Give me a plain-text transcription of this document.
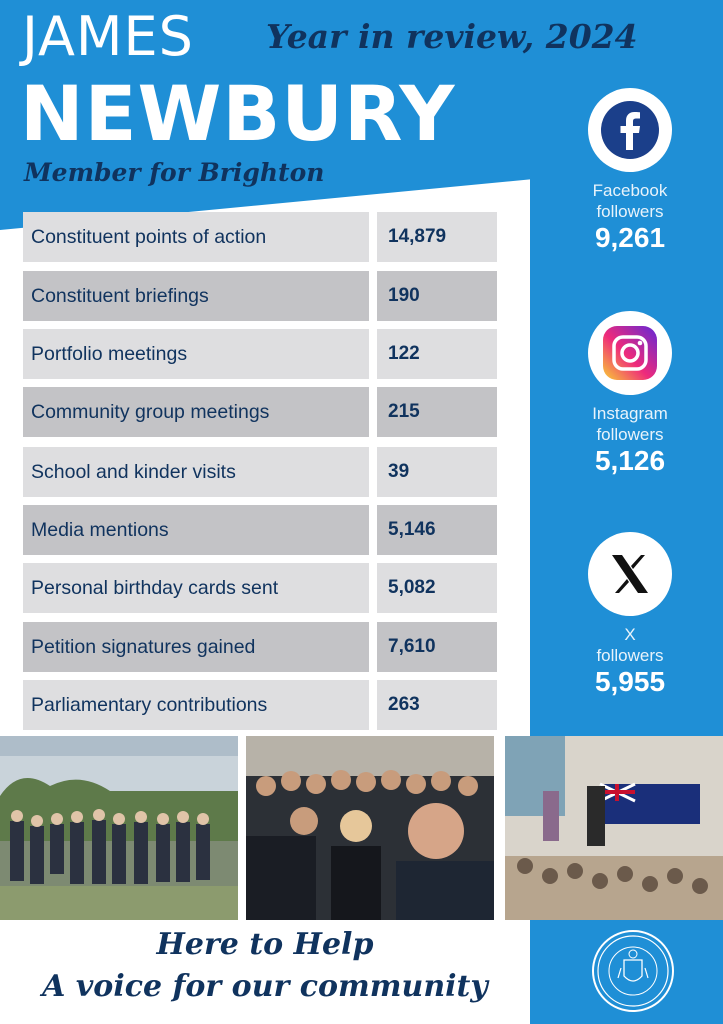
JAMES
NEWBURY
Year in review, 2024
Member for Brighton
Constituent points of action	14,879
Constituent briefings	190
Portfolio meetings	122
Community group meetings	215
School and kinder visits	39
Media mentions	5,146
Personal birthday cards sent	5,082
Petition signatures gained	7,610
Parliamentary contributions	263
Facebook
followers
9,261
Instagram
followers
5,126
X
followers
5,955
Here to Help
A voice for our community
